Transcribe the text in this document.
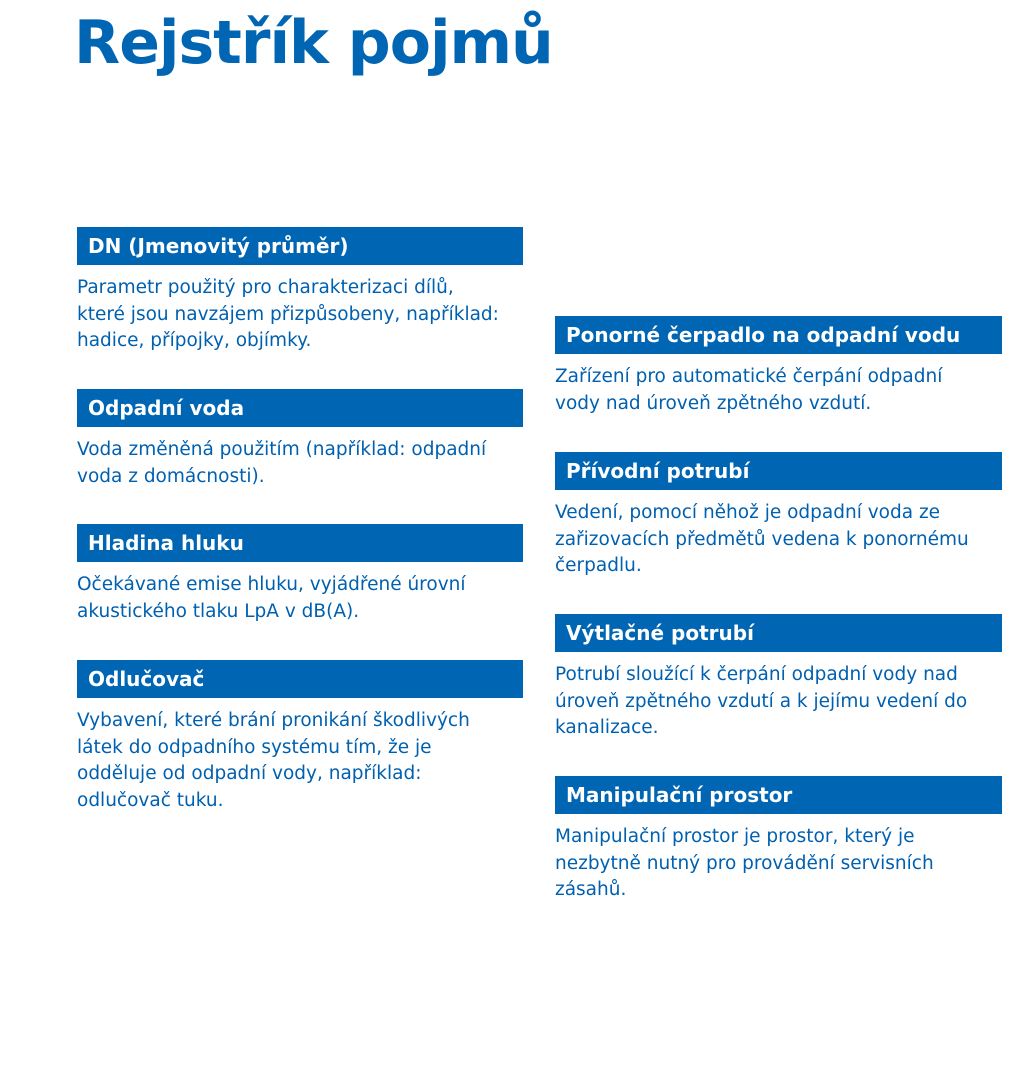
Rejstřík pojmů
DN (Jmenovitý průměr)
Parametr použitý pro charakterizaci dílů,
které jsou navzájem přizpůsobeny, například:
hadice, přípojky, objímky.
Odpadní voda
Voda změněná použitím (například: odpadní
voda z domácnosti).
Hladina hluku
Očekávané emise hluku, vyjádřené úrovní
akustického tlaku LpA v dB(A).
Odlučovač
Vybavení, které brání pronikání škodlivých
látek do odpadního systému tím, že je
odděluje od odpadní vody, například:
odlučovač tuku.
Ponorné čerpadlo na odpadní vodu
Zařízení pro automatické čerpání odpadní
vody nad úroveň zpětného vzdutí.
Přívodní potrubí
Vedení, pomocí něhož je odpadní voda ze
zařizovacích předmětů vedena k ponornému
čerpadlu.
Výtlačné potrubí
Potrubí sloužící k čerpání odpadní vody nad
úroveň zpětného vzdutí a k jejímu vedení do
kanalizace.
Manipulační prostor
Manipulační prostor je prostor, který je
nezbytně nutný pro provádění servisních
zásahů.
